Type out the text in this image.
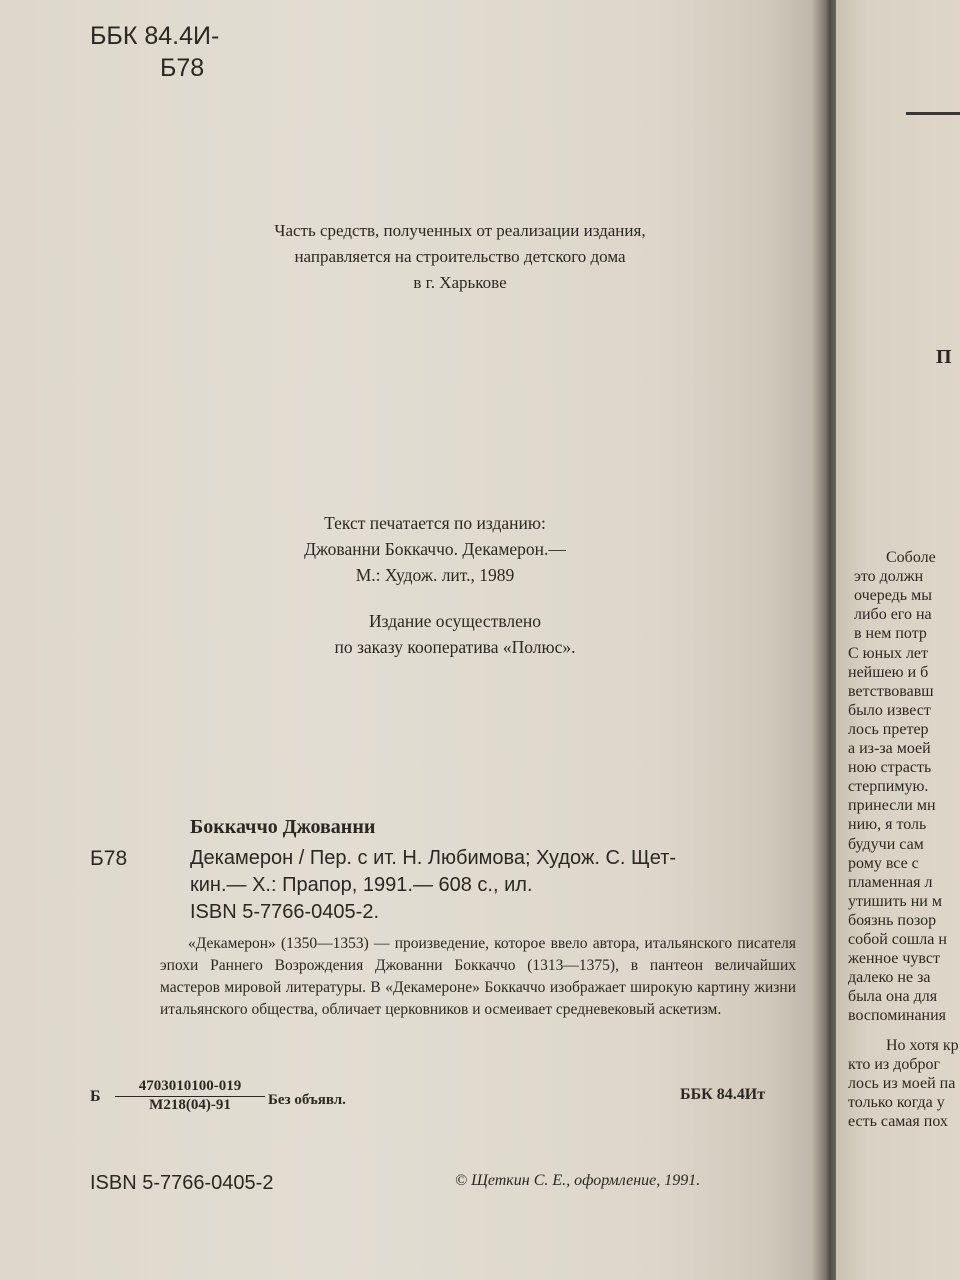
ББК 84.4И-
Б78
Часть средств, полученных от реализации издания,
направляется на строительство детского дома
в г. Харькове
Текст печатается по изданию:
Джованни Боккаччо. Декамерон.—
М.: Худож. лит., 1989
Издание осуществлено
по заказу кооператива «Полюс».
Боккаччо Джованни
Б78	Декамерон / Пер. с ит. Н. Любимова; Худож. С. Щет-
кин.— Х.: Прапор, 1991.— 608 с., ил.
ISBN 5-7766-0405-2.

«Декамерон» (1350—1353) — произведение, которое ввело автора, итальянского писателя эпохи Раннего Возрождения Джованни Боккаччо (1313—1375), в пантеон величайших мастеров мировой литературы. В «Декамероне» Боккаччо изображает широкую картину жизни итальянского общества, обличает церковников и осмеивает средневековый аскетизм.

Б
4703010100-019
М218(04)-91	Без объявл.	ББК 84.4Ит
ISBN 5-7766-0405-2	© Щеткин С. Е., оформление, 1991.
П
Соболе
это должн
очередь мы
либо его на
в нем потр
С юных лет
нейшею и б
ветствовавш
было извест
лось претер
а из-за моей
ною страсть
стерпимую.
принесли мн
нию, я толь
будучи сам
рому все с
пламенная л
утишить ни м
боязнь позор
собой сошла н
женное чувст
далеко не за
была она для
воспоминания
Но хотя кр
кто из доброг
лось из моей па
только когда у
есть самая пох
